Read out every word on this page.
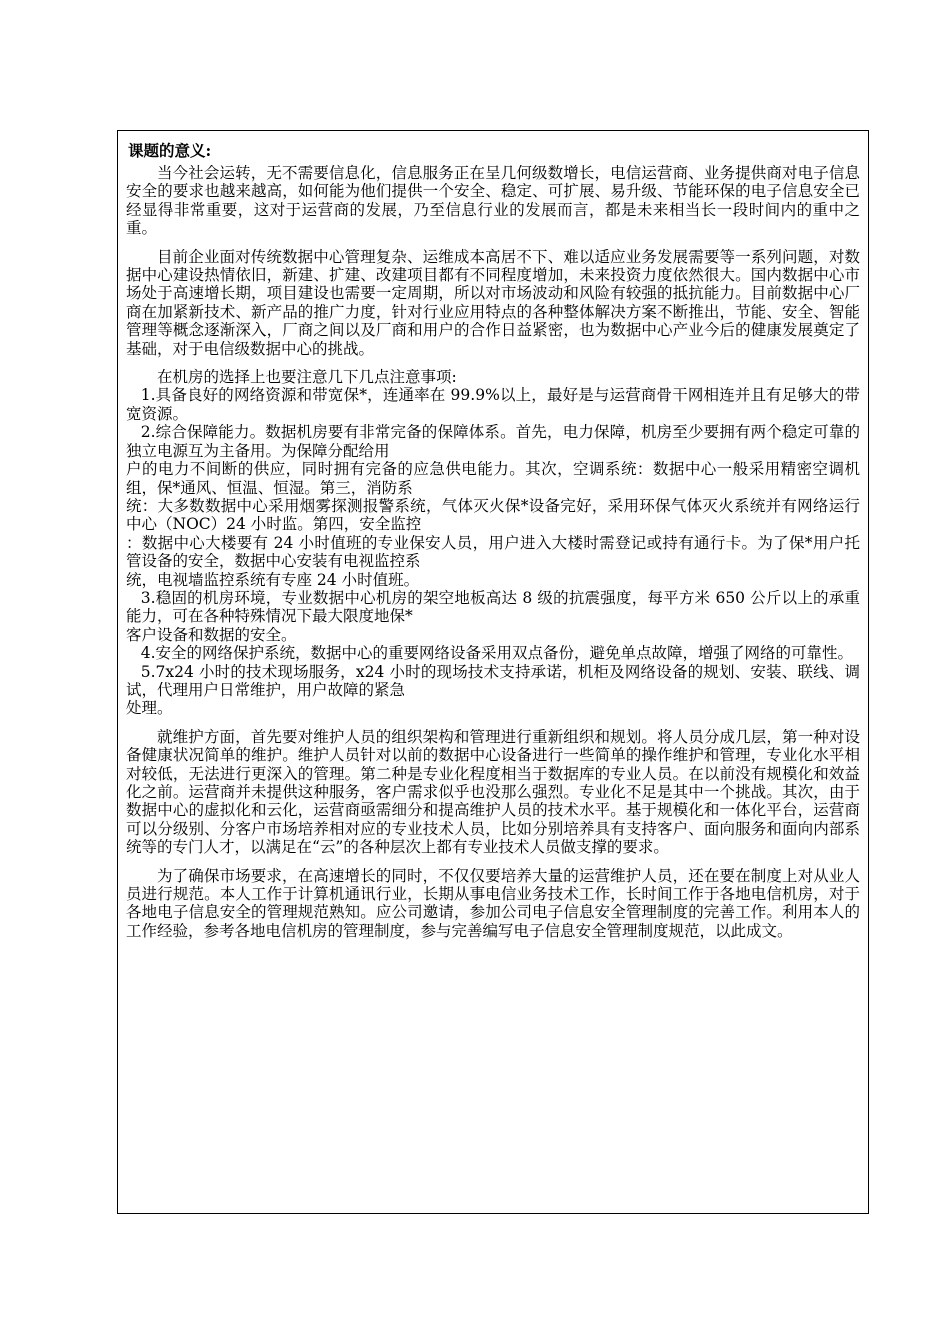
课题的意义:

当今社会运转，无不需要信息化，信息服务正在呈几何级数增长，电信运营商、业务提供商对电子信息安全的要求也越来越高，如何能为他们提供一个安全、稳定、可扩展、易升级、节能环保的电子信息安全已经显得非常重要，这对于运营商的发展，乃至信息行业的发展而言，都是未来相当长一段时间内的重中之重。

目前企业面对传统数据中心管理复杂、运维成本高居不下、难以适应业务发展需要等一系列问题，对数据中心建设热情依旧，新建、扩建、改建项目都有不同程度增加，未来投资力度依然很大。国内数据中心市场处于高速增长期，项目建设也需要一定周期，所以对市场波动和风险有较强的抵抗能力。目前数据中心厂商在加紧新技术、新产品的推广力度，针对行业应用特点的各种整体解决方案不断推出，节能、安全、智能管理等概念逐渐深入，厂商之间以及厂商和用户的合作日益紧密，也为数据中心产业今后的健康发展奠定了基础，对于电信级数据中心的挑战。

在机房的选择上也要注意几下几点注意事项:

1.具备良好的网络资源和带宽保*，连通率在 99.9%以上，最好是与运营商骨干网相连并且有足够大的带宽资源。

2.综合保障能力。数据机房要有非常完备的保障体系。首先，电力保障，机房至少要拥有两个稳定可靠的独立电源互为主备用。为保障分配给用

户的电力不间断的供应，同时拥有完备的应急供电能力。其次，空调系统：数据中心一般采用精密空调机组，保*通风、恒温、恒湿。第三，消防系

统：大多数数据中心采用烟雾探测报警系统，气体灭火保*设备完好，采用环保气体灭火系统并有网络运行中心（NOC）24 小时监。第四，安全监控

：数据中心大楼要有 24 小时值班的专业保安人员，用户进入大楼时需登记或持有通行卡。为了保*用户托管设备的安全，数据中心安装有电视监控系

统，电视墙监控系统有专座 24 小时值班。

3.稳固的机房环境，专业数据中心机房的架空地板高达 8 级的抗震强度，每平方米 650 公斤以上的承重能力，可在各种特殊情况下最大限度地保*

客户设备和数据的安全。

4.安全的网络保护系统，数据中心的重要网络设备采用双点备份，避免单点故障，增强了网络的可靠性。

5.7x24 小时的技术现场服务，x24 小时的现场技术支持承诺，机柜及网络设备的规划、安装、联线、调试，代理用户日常维护，用户故障的紧急

处理。

就维护方面，首先要对维护人员的组织架构和管理进行重新组织和规划。将人员分成几层，第一种对设备健康状况简单的维护。维护人员针对以前的数据中心设备进行一些简单的操作维护和管理，专业化水平相对较低，无法进行更深入的管理。第二种是专业化程度相当于数据库的专业人员。在以前没有规模化和效益化之前。运营商并未提供这种服务，客户需求似乎也没那么强烈。专业化不足是其中一个挑战。其次，由于数据中心的虚拟化和云化，运营商亟需细分和提高维护人员的技术水平。基于规模化和一体化平台，运营商可以分级别、分客户市场培养相对应的专业技术人员，比如分别培养具有支持客户、面向服务和面向内部系统等的专门人才，以满足在“云”的各种层次上都有专业技术人员做支撑的要求。

为了确保市场要求，在高速增长的同时，不仅仅要培养大量的运营维护人员，还在要在制度上对从业人员进行规范。本人工作于计算机通讯行业，长期从事电信业务技术工作，长时间工作于各地电信机房，对于各地电子信息安全的管理规范熟知。应公司邀请，参加公司电子信息安全管理制度的完善工作。利用本人的工作经验，参考各地电信机房的管理制度，参与完善编写电子信息安全管理制度规范，以此成文。
